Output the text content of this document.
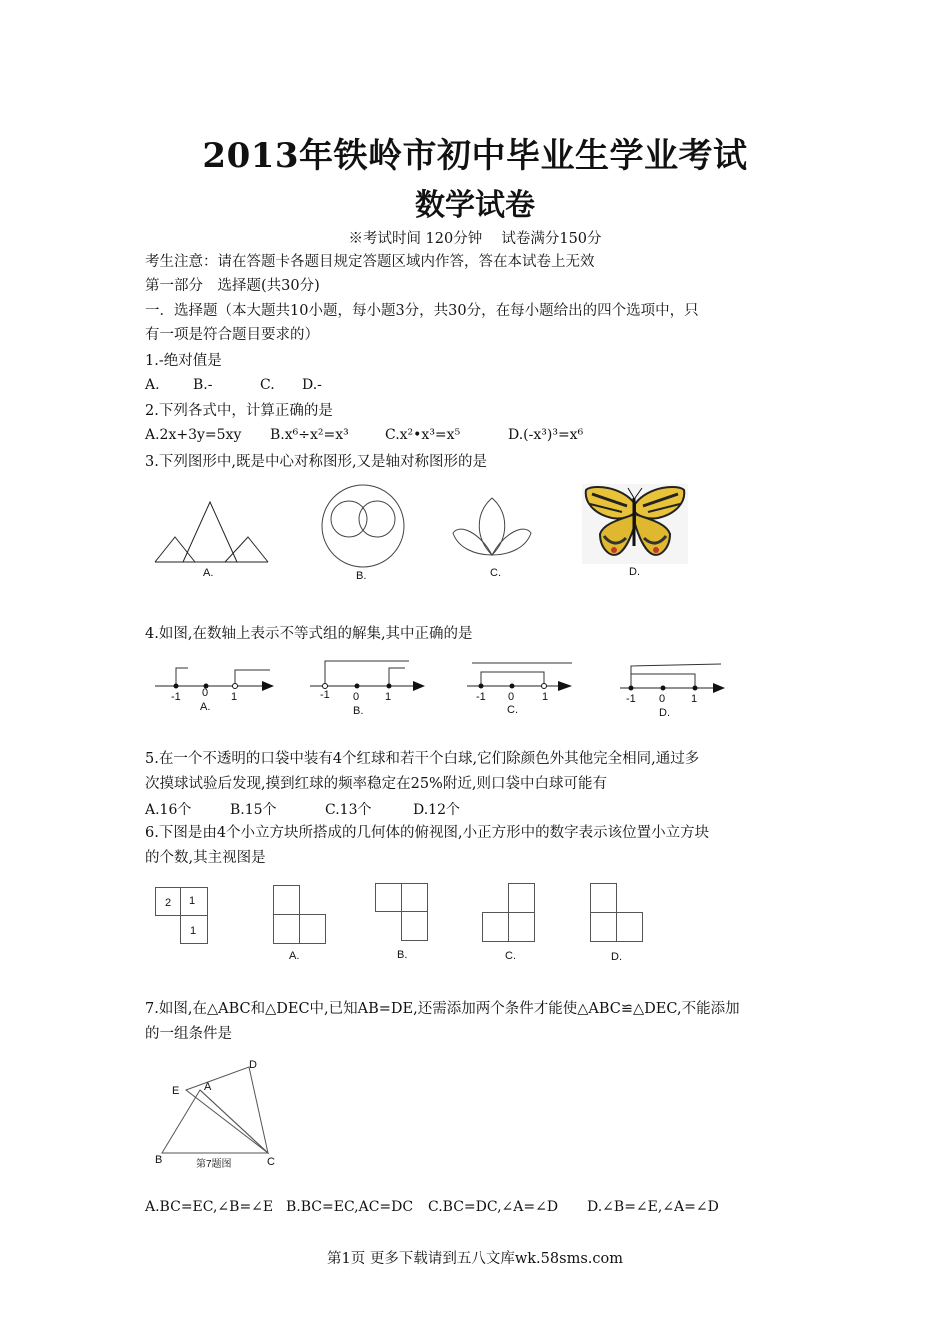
2013年铁岭市初中毕业生学业考试
数学试卷
※考试时间 120分钟　 试卷满分150分
考生注意：请在答题卡各题目规定答题区域内作答，答在本试卷上无效
第一部分　选择题(共30分)
一．选择题（本大题共10小题，每小题3分，共30分，在每小题给出的四个选项中，只
有一项是符合题目要求的）
1.-绝对值是
A. B.-	C. D.-
2.下列各式中，计算正确的是
A.2x+3y=5xy B.x⁶÷x²=x³	C.x²•x³=x⁵	D.(-x³)³=x⁶
3.下列图形中,既是中心对称图形,又是轴对称图形的是
A.	B.	C.	D.
4.如图,在数轴上表示不等式组的解集,其中正确的是
-1 0 1
A.
-1 0 1
B.
-1 0	1
C.
-1 0 1
D.
5.在一个不透明的口袋中装有4个红球和若干个白球,它们除颜色外其他完全相同,通过多
次摸球试验后发现,摸到红球的频率稳定在25%附近,则口袋中白球可能有
A.16个	B.15个	C.13个	D.12个
6.下图是由4个小立方块所搭成的几何体的俯视图,小正方形中的数字表示该位置小立方块
的个数,其主视图是
2 1
1
A.	B.	C.	D.
7.如图,在△ABC和△DEC中,已知AB=DE,还需添加两个条件才能使△ABC≌△DEC,不能添加
的一组条件是
D
E A
B	C
第7题图
A.BC=EC,∠B=∠E B.BC=EC,AC=DC C.BC=DC,∠A=∠D D.∠B=∠E,∠A=∠D
第1页 更多下载请到五八文库wk.58sms.com
